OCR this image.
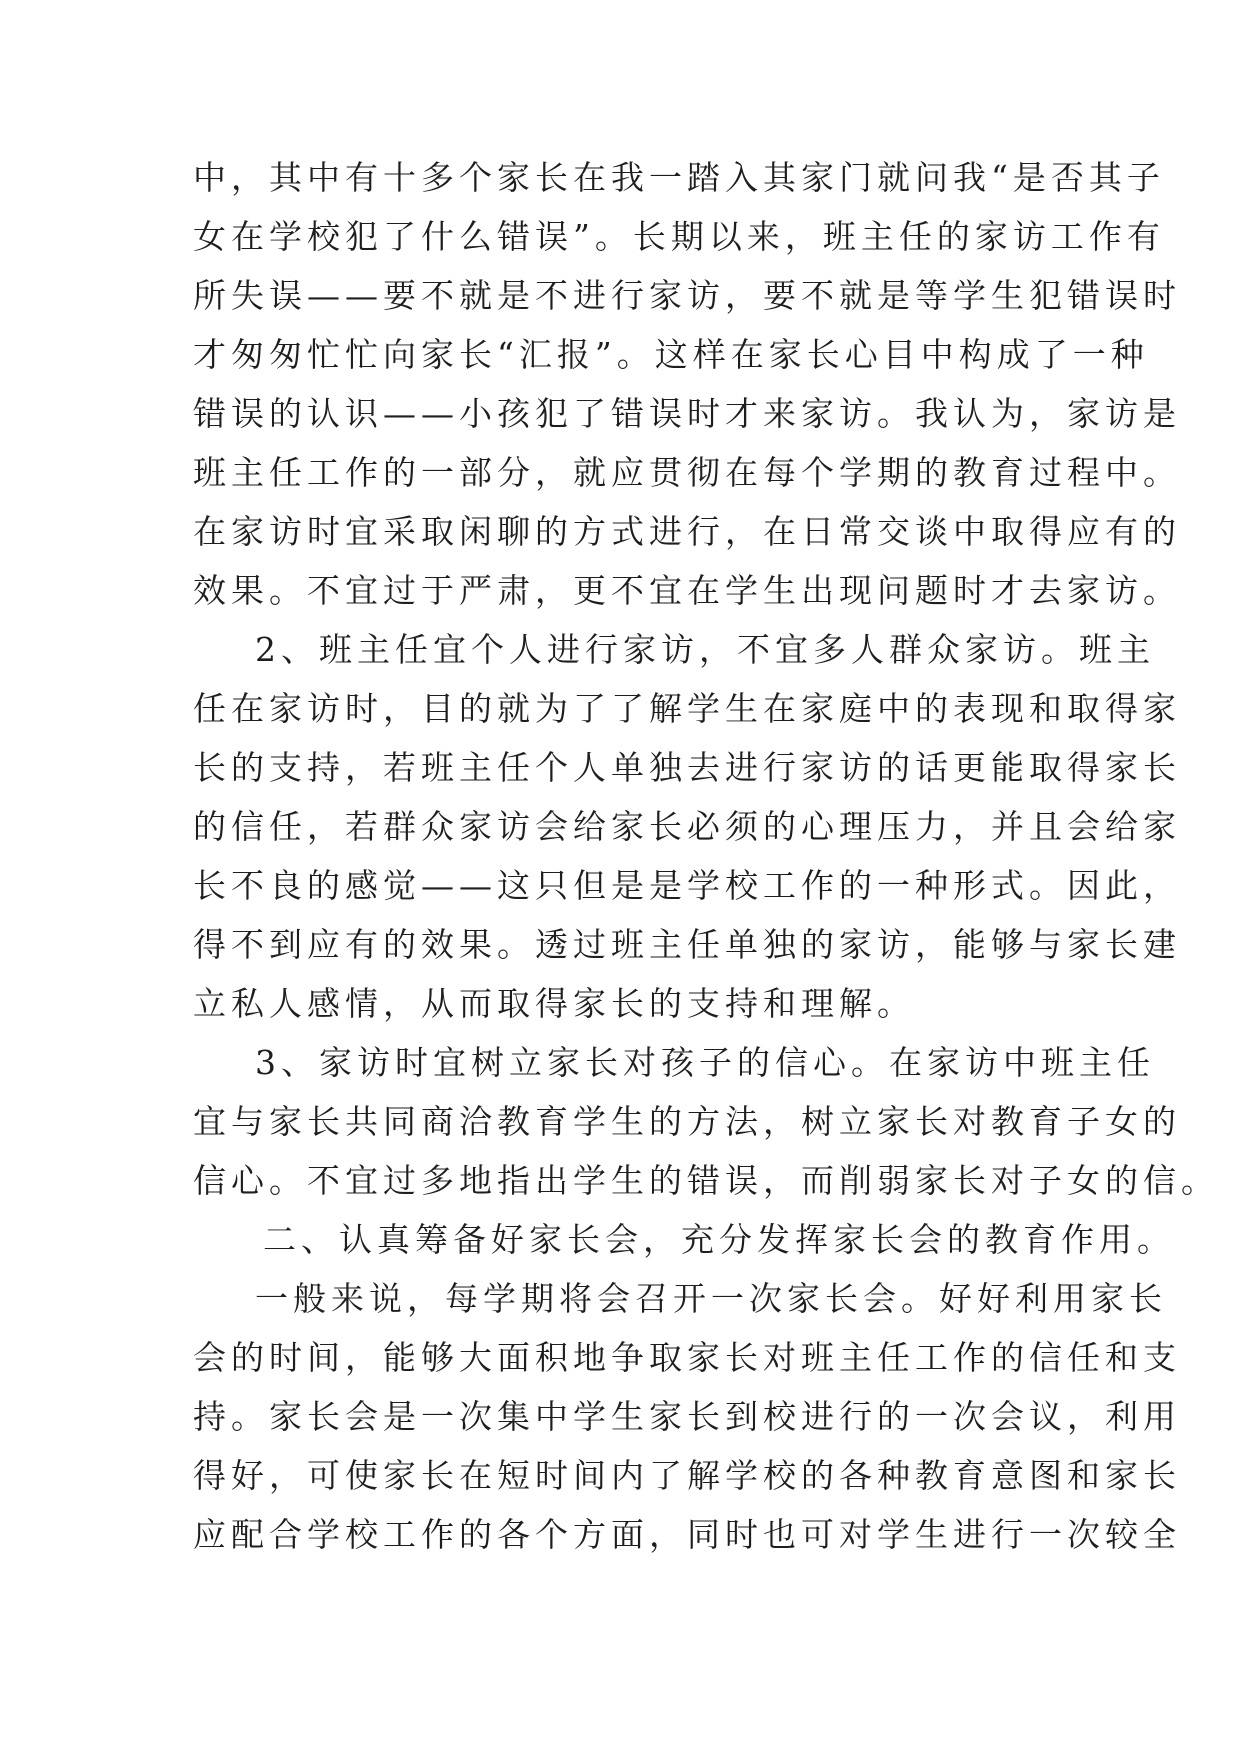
中，其中有十多个家长在我一踏入其家门就问我“是否其子
女在学校犯了什么错误”。长期以来，班主任的家访工作有
所失误——要不就是不进行家访，要不就是等学生犯错误时
才匆匆忙忙向家长“汇报”。这样在家长心目中构成了一种
错误的认识——小孩犯了错误时才来家访。我认为，家访是
班主任工作的一部分，就应贯彻在每个学期的教育过程中。
在家访时宜采取闲聊的方式进行，在日常交谈中取得应有的
效果。不宜过于严肃，更不宜在学生出现问题时才去家访。
2、班主任宜个人进行家访，不宜多人群众家访。班主
任在家访时，目的就为了了解学生在家庭中的表现和取得家
长的支持，若班主任个人单独去进行家访的话更能取得家长
的信任，若群众家访会给家长必须的心理压力，并且会给家
长不良的感觉——这只但是是学校工作的一种形式。因此，
得不到应有的效果。透过班主任单独的家访，能够与家长建
立私人感情，从而取得家长的支持和理解。
3、家访时宜树立家长对孩子的信心。在家访中班主任
宜与家长共同商洽教育学生的方法，树立家长对教育子女的
信心。不宜过多地指出学生的错误，而削弱家长对子女的信。
二、认真筹备好家长会，充分发挥家长会的教育作用。
一般来说，每学期将会召开一次家长会。好好利用家长
会的时间，能够大面积地争取家长对班主任工作的信任和支
持。家长会是一次集中学生家长到校进行的一次会议，利用
得好，可使家长在短时间内了解学校的各种教育意图和家长
应配合学校工作的各个方面，同时也可对学生进行一次较全
